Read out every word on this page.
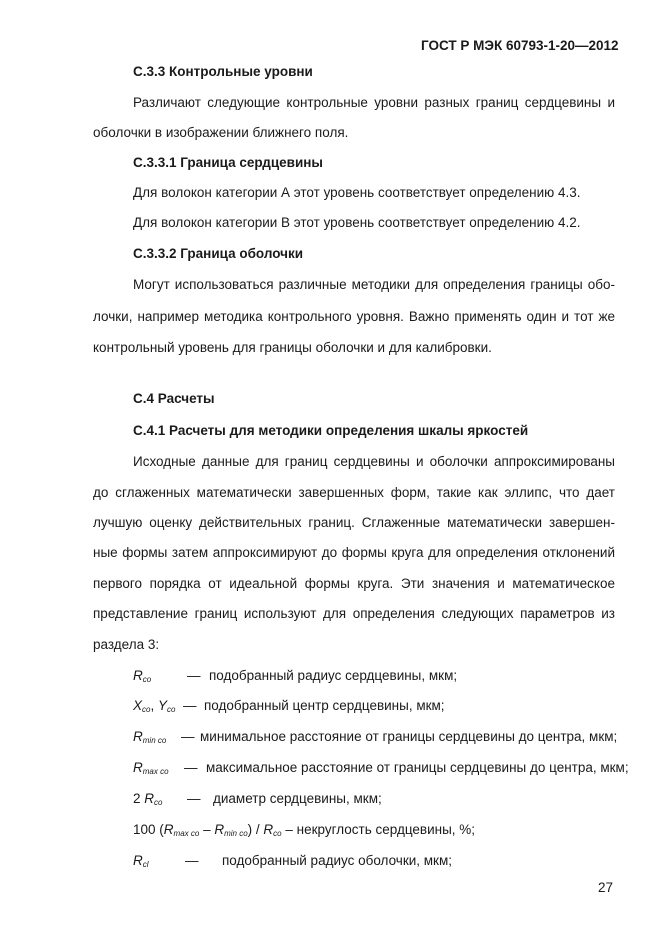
ГОСТ Р МЭК 60793-1-20—2012
С.3.3 Контрольные уровни
Различают следующие контрольные уровни разных границ сердцевины и
оболочки в изображении ближнего поля.
С.3.3.1 Граница сердцевины
Для волокон категории А этот уровень соответствует определению 4.3.
Для волокон категории В этот уровень соответствует определению 4.2.
С.3.3.2 Граница оболочки
Могут использоваться различные методики для определения границы обо-
лочки, например методика контрольного уровня. Важно применять один и тот же
контрольный уровень для границы оболочки и для калибровки.
С.4 Расчеты
С.4.1 Расчеты для методики определения шкалы яркостей
Исходные данные для границ сердцевины и оболочки аппроксимированы
до сглаженных математически завершенных форм, такие как эллипс, что дает
лучшую оценку действительных границ. Сглаженные математически завершен-
ные формы затем аппроксимируют до формы круга для определения отклонений
первого порядка от идеальной формы круга. Эти значения и математическое
представление границ используют для определения следующих параметров из
раздела 3:
$R_{co}$	— подобранный радиус сердцевины, мкм;
$X_{co}$, $Y_{co}$ — подобранный центр сердцевины, мкм;
$R_{min co}$ — минимальное расстояние от границы сердцевины до центра, мкм;
$R_{max co}$ — максимальное расстояние от границы сердцевины до центра, мкм;
2 $R_{co}$ — диаметр сердцевины, мкм;
100 $(R_{max co} - R_{min co}) / R_{co}$ – некруглость сердцевины, %;
$R_{cl}$	— подобранный радиус оболочки, мкм;
27
